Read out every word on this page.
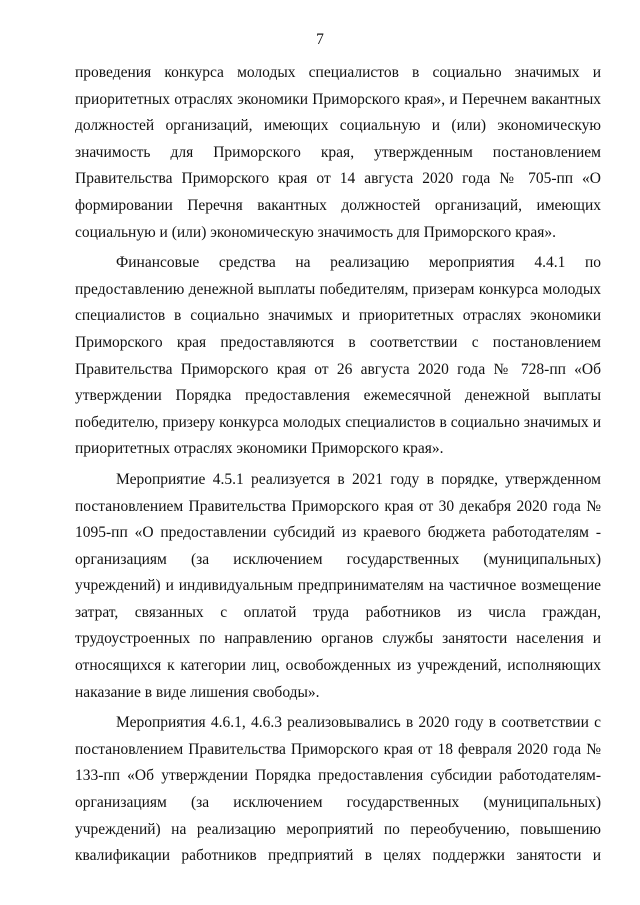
7

проведения конкурса молодых специалистов в социально значимых и приоритетных отраслях экономики Приморского края», и Перечнем вакантных должностей организаций, имеющих социальную и (или) экономическую значимость для Приморского края, утвержденным постановлением Правительства Приморского края от 14 августа 2020 года № 705-пп «О формировании Перечня вакантных должностей организаций, имеющих социальную и (или) экономическую значимость для Приморского края».

Финансовые средства на реализацию мероприятия 4.4.1 по предоставлению денежной выплаты победителям, призерам конкурса молодых специалистов в социально значимых и приоритетных отраслях экономики Приморского края предоставляются в соответствии с постановлением Правительства Приморского края от 26 августа 2020 года № 728-пп «Об утверждении Порядка предоставления ежемесячной денежной выплаты победителю, призеру конкурса молодых специалистов в социально значимых и приоритетных отраслях экономики Приморского края».

Мероприятие 4.5.1 реализуется в 2021 году в порядке, утвержденном постановлением Правительства Приморского края от 30 декабря 2020 года № 1095-пп «О предоставлении субсидий из краевого бюджета работодателям - организациям (за исключением государственных (муниципальных) учреждений) и индивидуальным предпринимателям на частичное возмещение затрат, связанных с оплатой труда работников из числа граждан, трудоустроенных по направлению органов службы занятости населения и относящихся к категории лиц, освобожденных из учреждений, исполняющих наказание в виде лишения свободы».

Мероприятия 4.6.1, 4.6.3 реализовывались в 2020 году в соответствии с постановлением Правительства Приморского края от 18 февраля 2020 года № 133-пп «Об утверждении Порядка предоставления субсидии работодателям-организациям (за исключением государственных (муниципальных) учреждений) на реализацию мероприятий по переобучению, повышению квалификации работников предприятий в целях поддержки занятости и
